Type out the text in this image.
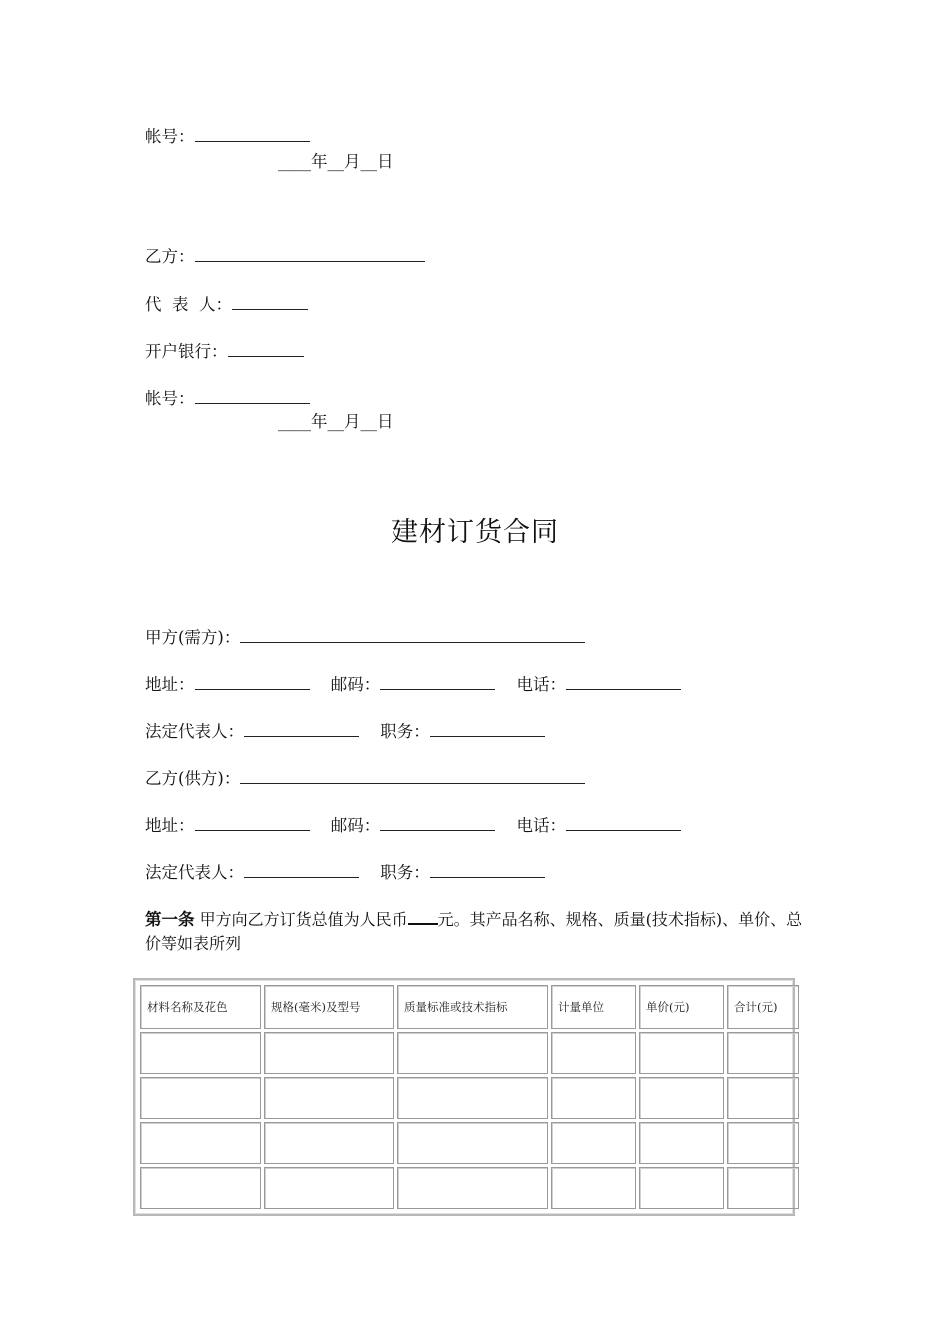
帐号：
____年__月__日
乙方：
代  表  人：
开户银行：
帐号：
____年__月__日
建材订货合同
甲方(需方)：
地址：	邮码：	电话：
法定代表人：	职务：
乙方(供方)：
地址：	邮码：	电话：
法定代表人：	职务：
第一条 甲方向乙方订货总值为人民币 元。其产品名称、规格、质量(技术指标)、单价、总价等如表所列
材料名称及花色	规格(毫米)及型号	质量标准或技术指标	计量单位	单价(元)	合计(元)
